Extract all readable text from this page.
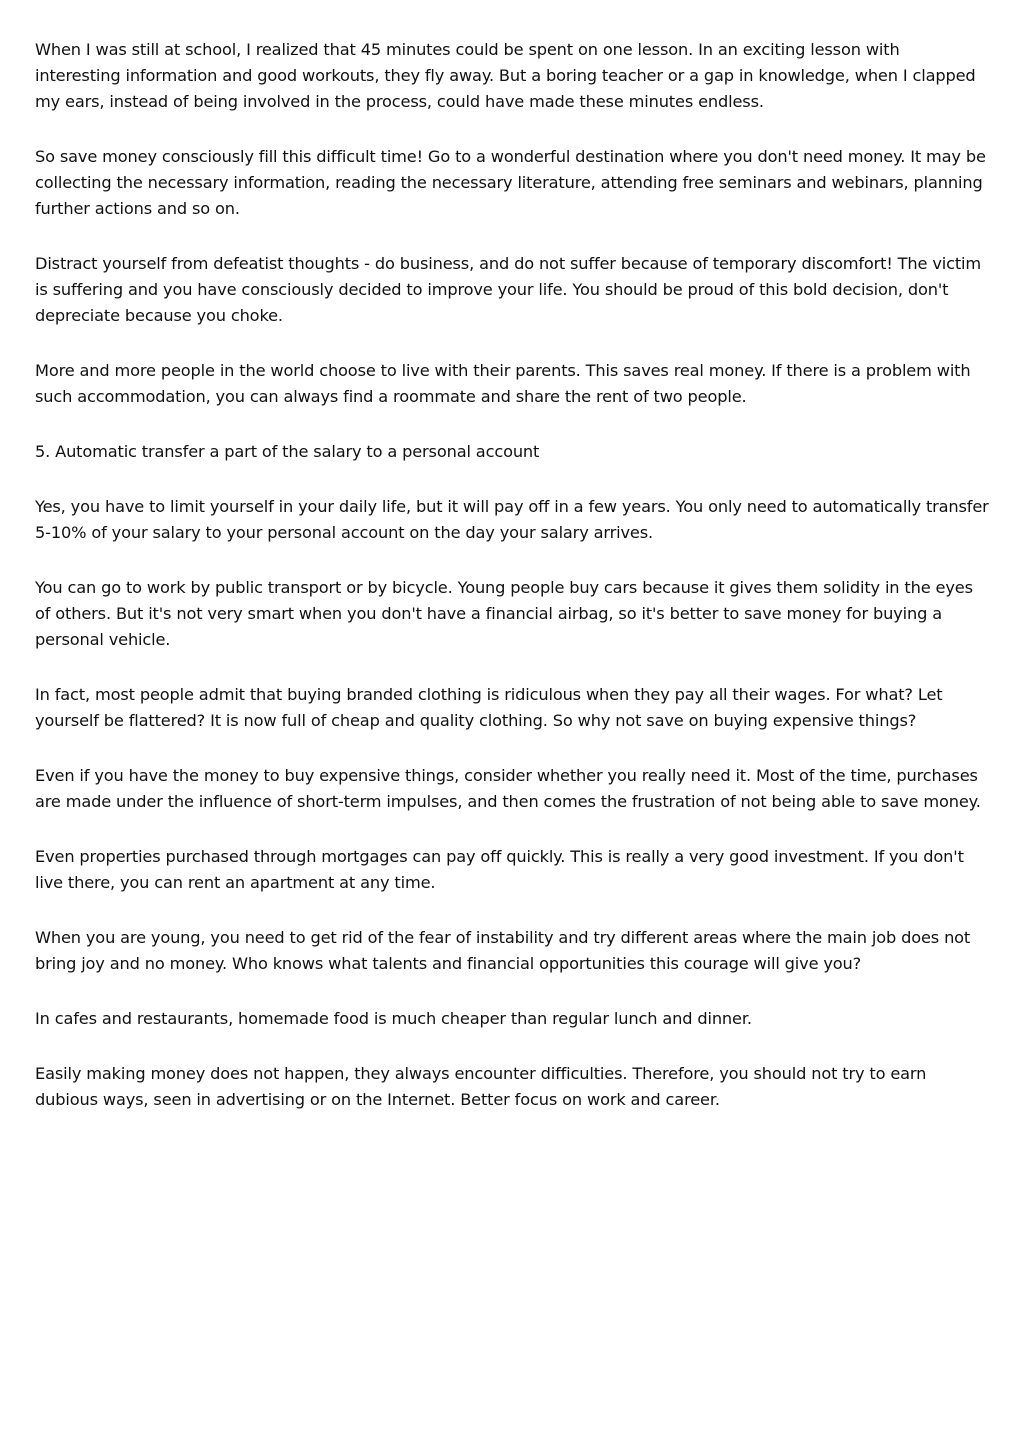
When I was still at school, I realized that 45 minutes could be spent on one lesson. In an exciting lesson with interesting information and good workouts, they fly away. But a boring teacher or a gap in knowledge, when I clapped my ears, instead of being involved in the process, could have made these minutes endless.

So save money consciously fill this difficult time! Go to a wonderful destination where you don't need money. It may be collecting the necessary information, reading the necessary literature, attending free seminars and webinars, planning further actions and so on.

Distract yourself from defeatist thoughts - do business, and do not suffer because of temporary discomfort! The victim is suffering and you have consciously decided to improve your life. You should be proud of this bold decision, don't depreciate because you choke.

More and more people in the world choose to live with their parents. This saves real money. If there is a problem with such accommodation, you can always find a roommate and share the rent of two people.

5. Automatic transfer a part of the salary to a personal account

Yes, you have to limit yourself in your daily life, but it will pay off in a few years. You only need to automatically transfer 5-10% of your salary to your personal account on the day your salary arrives.

You can go to work by public transport or by bicycle. Young people buy cars because it gives them solidity in the eyes of others. But it's not very smart when you don't have a financial airbag, so it's better to save money for buying a personal vehicle.

In fact, most people admit that buying branded clothing is ridiculous when they pay all their wages. For what? Let yourself be flattered? It is now full of cheap and quality clothing. So why not save on buying expensive things?

Even if you have the money to buy expensive things, consider whether you really need it. Most of the time, purchases are made under the influence of short-term impulses, and then comes the frustration of not being able to save money.

Even properties purchased through mortgages can pay off quickly. This is really a very good investment. If you don't live there, you can rent an apartment at any time.

When you are young, you need to get rid of the fear of instability and try different areas where the main job does not bring joy and no money. Who knows what talents and financial opportunities this courage will give you?

In cafes and restaurants, homemade food is much cheaper than regular lunch and dinner.

Easily making money does not happen, they always encounter difficulties. Therefore, you should not try to earn dubious ways, seen in advertising or on the Internet. Better focus on work and career.
